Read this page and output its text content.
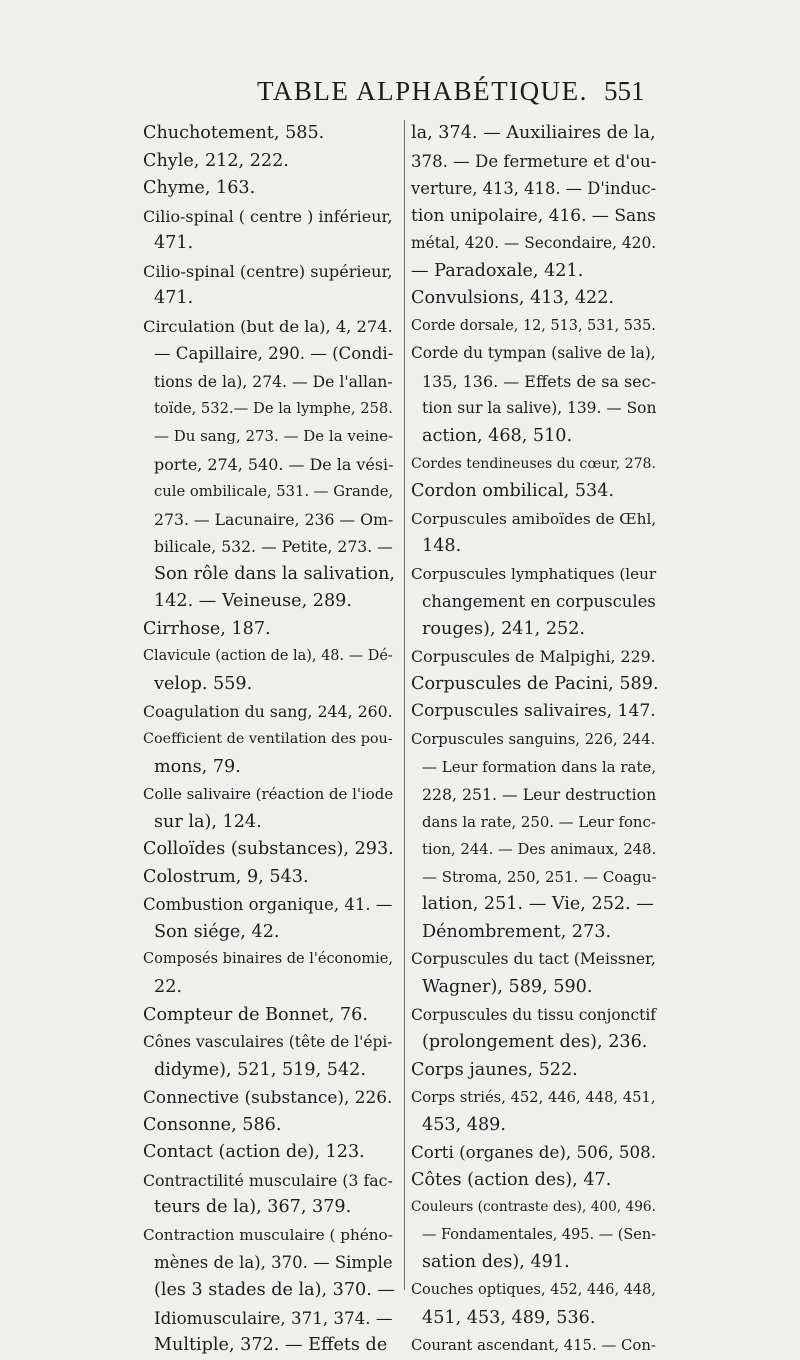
TABLE ALPHABÉTIQUE. 551
Chuchotement, 585.
Chyle, 212, 222.
Chyme, 163.
Cilio-spinal ( centre ) inférieur,
471.
Cilio-spinal (centre) supérieur,
471.
Circulation (but de la), 4, 274.
— Capillaire, 290. — (Condi-
tions de la), 274. — De l'allan-
toïde, 532.— De la lymphe, 258.
— Du sang, 273. — De la veine-
porte, 274, 540. — De la vési-
cule ombilicale, 531. — Grande,
273. — Lacunaire, 236 — Om-
bilicale, 532. — Petite, 273. —
Son rôle dans la salivation,
142. — Veineuse, 289.
Cirrhose, 187.
Clavicule (action de la), 48. — Dé-
velop. 559.
Coagulation du sang, 244, 260.
Coefficient de ventilation des pou-
mons, 79.
Colle salivaire (réaction de l'iode
sur la), 124.
Colloïdes (substances), 293.
Colostrum, 9, 543.
Combustion organique, 41. —
Son siége, 42.
Composés binaires de l'économie,
22.
Compteur de Bonnet, 76.
Cônes vasculaires (tête de l'épi-
didyme), 521, 519, 542.
Connective (substance), 226.
Consonne, 586.
Contact (action de), 123.
Contractilité musculaire (3 fac-
teurs de la), 367, 379.
Contraction musculaire ( phéno-
mènes de la), 370. — Simple
(les 3 stades de la), 370. —
Idiomusculaire, 371, 374. —
Multiple, 372. — Effets de
la, 374. — Auxiliaires de la,
378. — De fermeture et d'ou-
verture, 413, 418. — D'induc-
tion unipolaire, 416. — Sans
métal, 420. — Secondaire, 420.
— Paradoxale, 421.
Convulsions, 413, 422.
Corde dorsale, 12, 513, 531, 535.
Corde du tympan (salive de la),
135, 136. — Effets de sa sec-
tion sur la salive), 139. — Son
action, 468, 510.
Cordes tendineuses du cœur, 278.
Cordon ombilical, 534.
Corpuscules amiboïdes de Œhl,
148.
Corpuscules lymphatiques (leur
changement en corpuscules
rouges), 241, 252.
Corpuscules de Malpighi, 229.
Corpuscules de Pacini, 589.
Corpuscules salivaires, 147.
Corpuscules sanguins, 226, 244.
— Leur formation dans la rate,
228, 251. — Leur destruction
dans la rate, 250. — Leur fonc-
tion, 244. — Des animaux, 248.
— Stroma, 250, 251. — Coagu-
lation, 251. — Vie, 252. —
Dénombrement, 273.
Corpuscules du tact (Meissner,
Wagner), 589, 590.
Corpuscules du tissu conjonctif
(prolongement des), 236.
Corps jaunes, 522.
Corps striés, 452, 446, 448, 451,
453, 489.
Corti (organes de), 506, 508.
Côtes (action des), 47.
Couleurs (contraste des), 400, 496.
— Fondamentales, 495. — (Sen-
sation des), 491.
Couches optiques, 452, 446, 448,
451, 453, 489, 536.
Courant ascendant, 415. — Con-
